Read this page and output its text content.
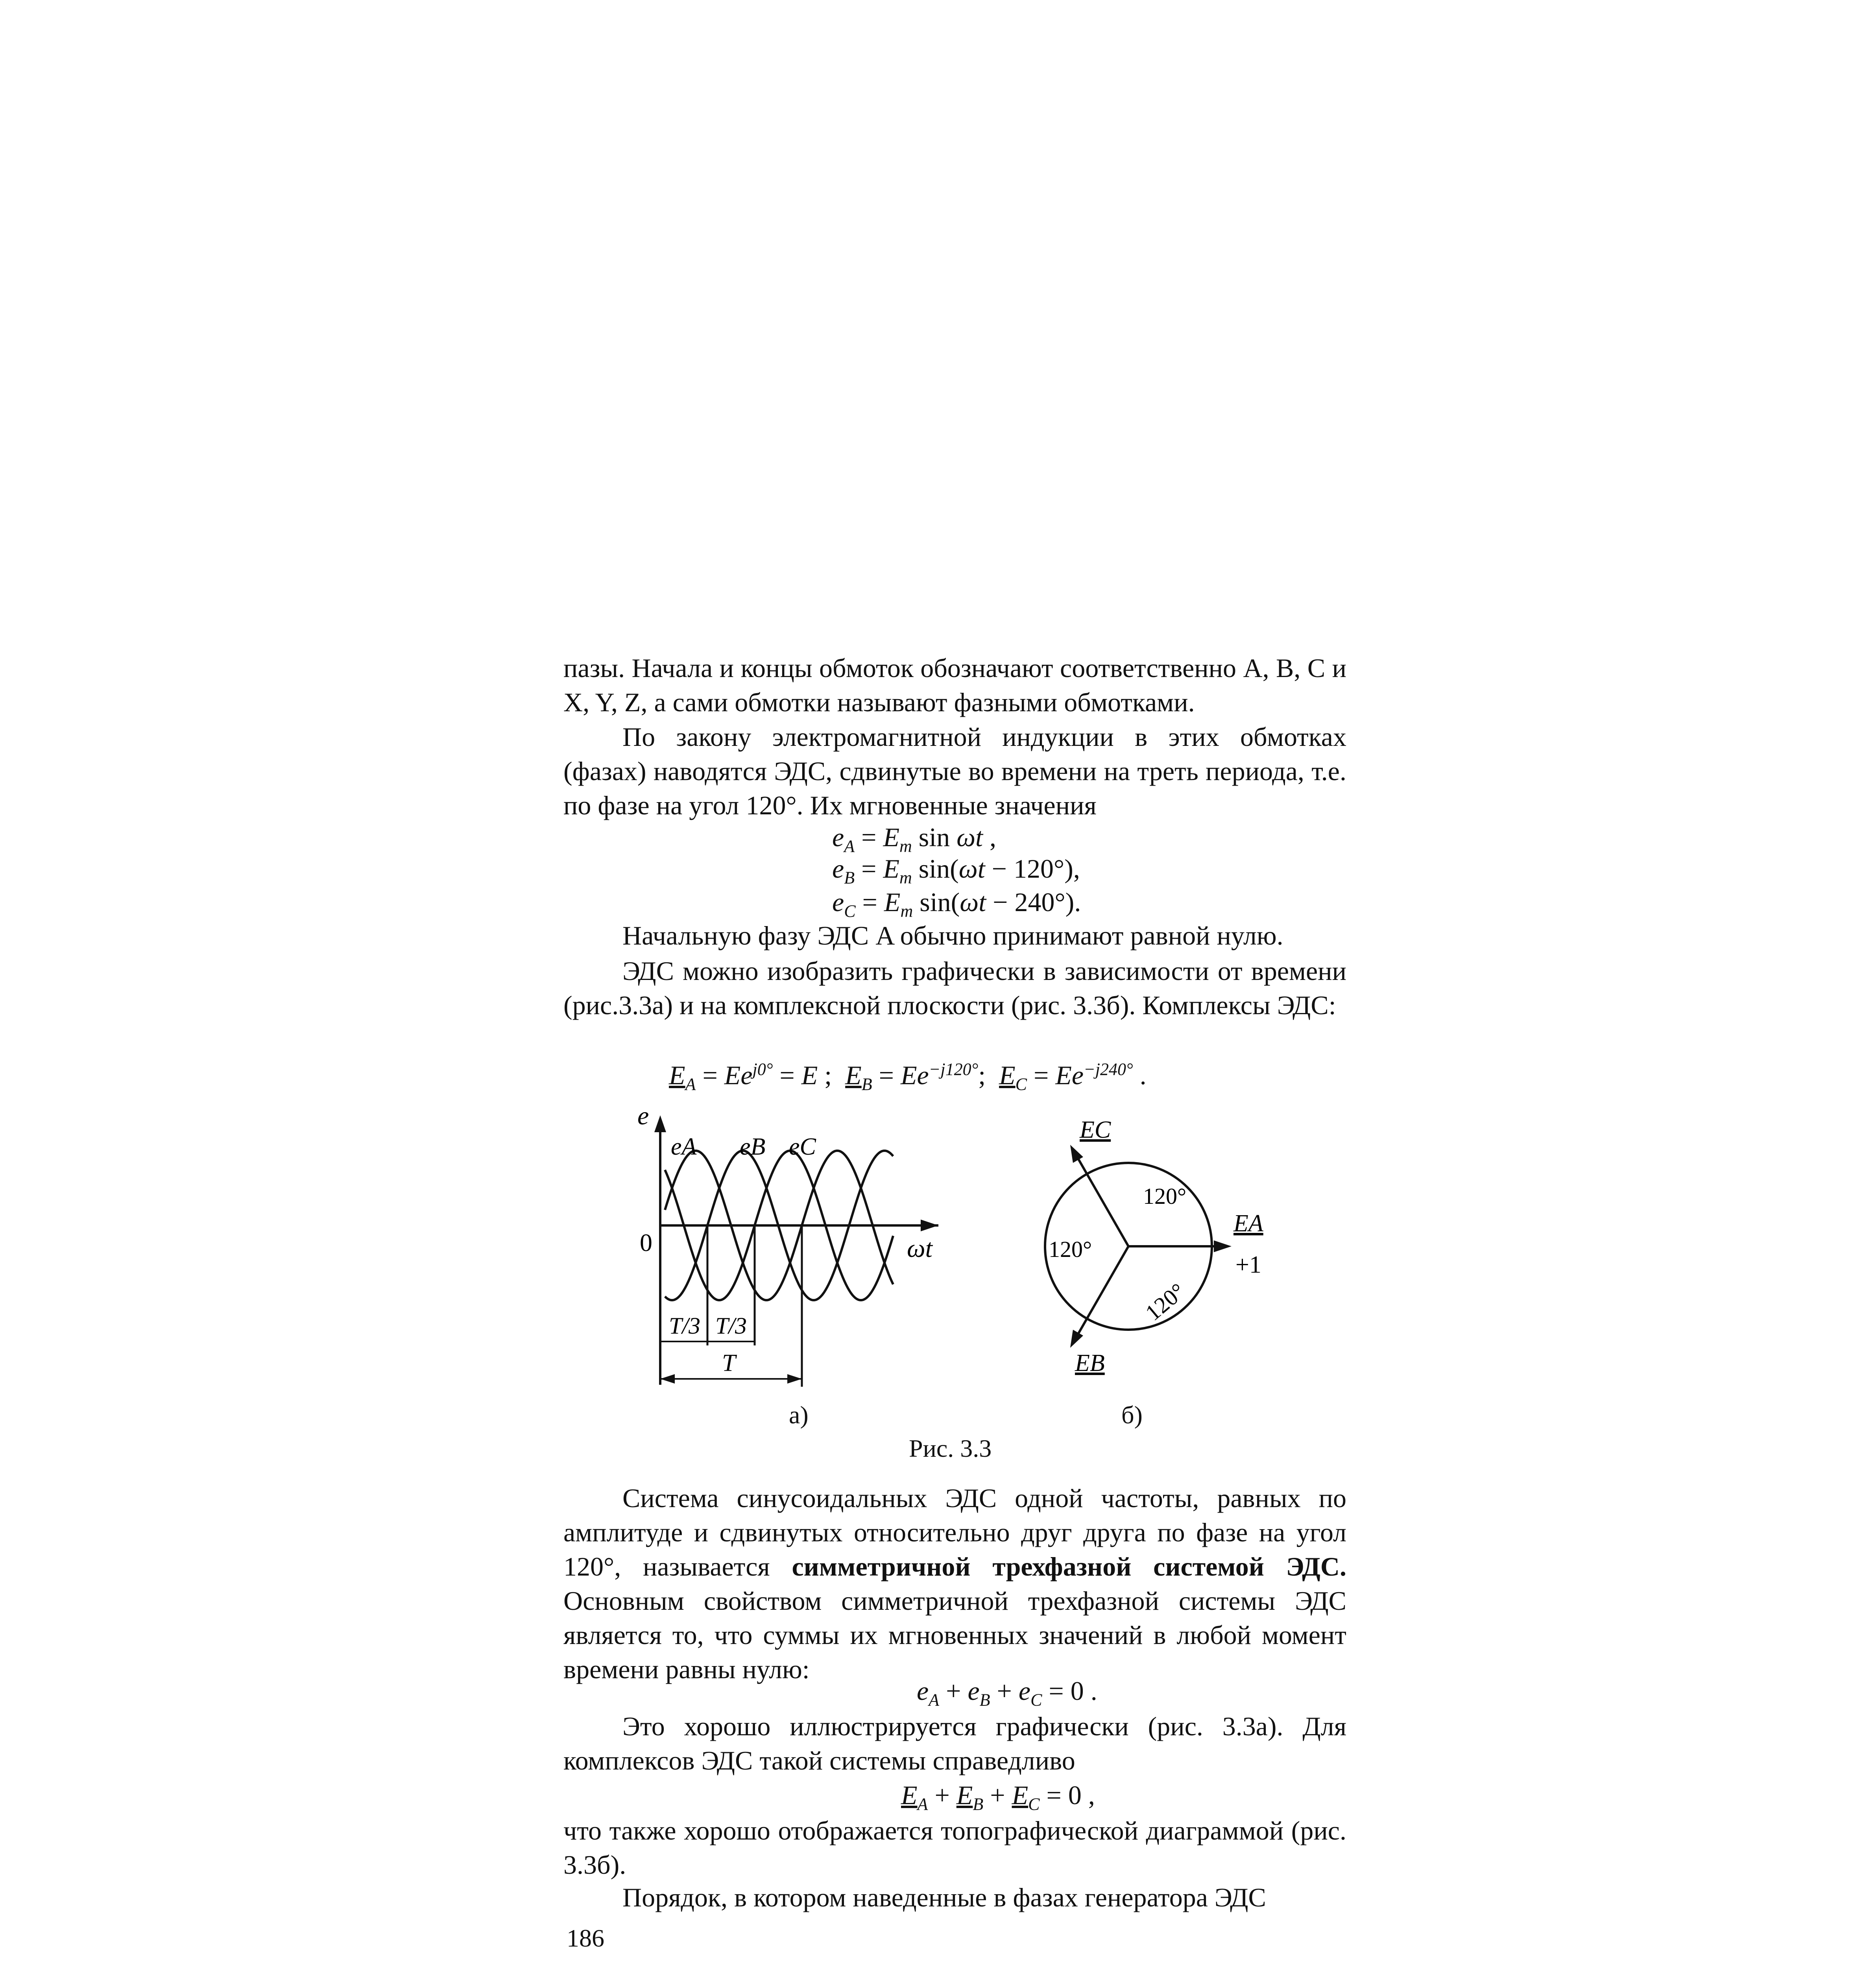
пазы. Начала и концы обмоток обозначают соответственно A, B, C и X, Y, Z, а сами обмотки называют фазными обмотками.

По закону электромагнитной индукции в этих обмотках (фазах) наводятся ЭДС, сдвинутые во времени на треть периода, т.е. по фазе на угол 120°. Их мгновенные значения

$e_A = E_m$ sin ωt ,
$e_B = E_m$ sin(ωt − 120°),
$e_C = E_m$ sin(ωt − 240°).

Начальную фазу ЭДС A обычно принимают равной нулю.

ЭДС можно изобразить графически в зависимости от времени (рис.3.3а) и на комплексной плоскости (рис. 3.3б). Комплексы ЭДС:

$E_A = Ee^{j0^\circ} = E$ ; $E_B = Ee^{-j120^\circ}$; $E_C = Ee^{-j240^\circ}$ .
e
0	ωt
eA eB eC
T/3 T/3
T
120°
120°
120°
EC
EA
+1
EB
а)	б)
Рис. 3.3

Система синусоидальных ЭДС одной частоты, равных по амплитуде и сдвинутых относительно друг друга по фазе на угол 120°, называется симметричной трехфазной системой ЭДС. Основным свойством симметричной трехфазной системы ЭДС является то, что суммы их мгновенных значений в любой момент времени равны нулю:

$e_A + e_B + e_C = 0$ .

Это хорошо иллюстрируется графически (рис. 3.3а). Для комплексов ЭДС такой системы справедливо

$E_A + E_B + E_C = 0$ ,

что также хорошо отображается топографической диаграммой (рис. 3.3б).

Порядок, в котором наведенные в фазах генератора ЭДС

186
